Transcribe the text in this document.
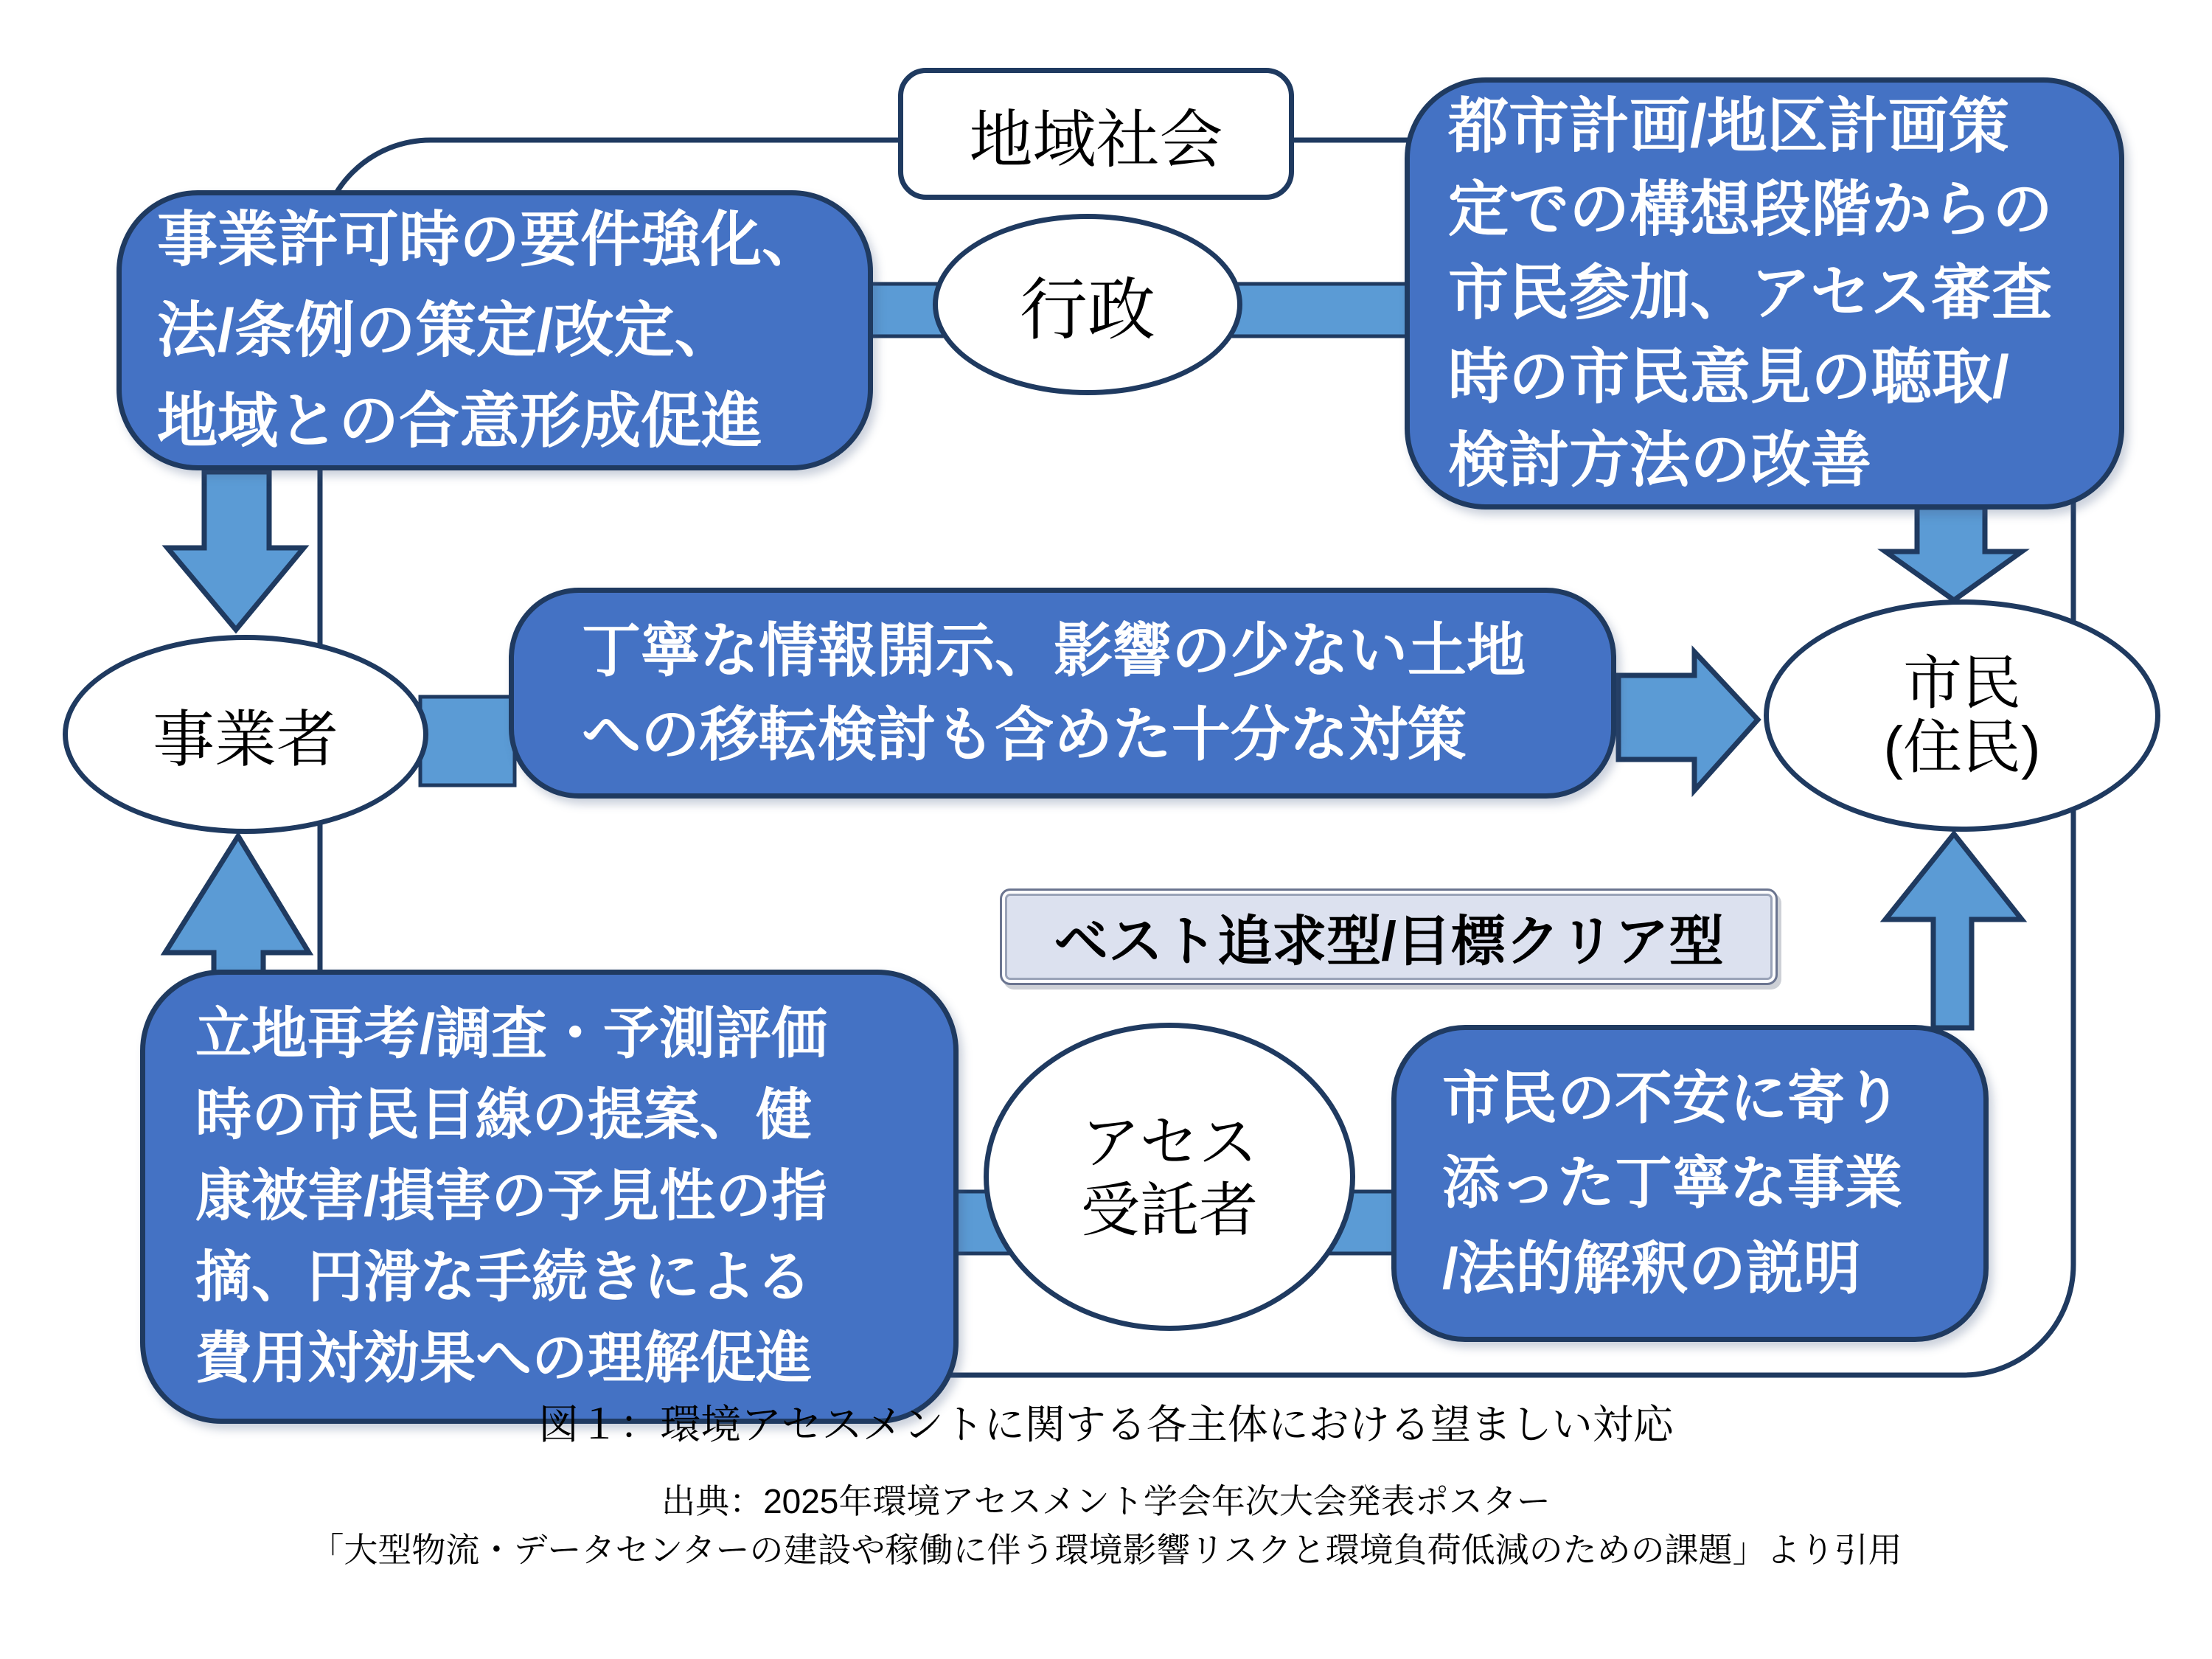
事業許可時の要件強化、
法/条例の策定/改定、
地域との合意形成促進
都市計画/地区計画策
定での構想段階からの
市民参加、アセス審査
時の市民意見の聴取/
検討方法の改善
丁寧な情報開示、影響の少ない土地
への移転検討も含めた十分な対策
立地再考/調査・予測評価
時の市民目線の提案、健
康被害/損害の予見性の指
摘、円滑な手続きによる
費用対効果への理解促進
市民の不安に寄り
添った丁寧な事業
/法的解釈の説明
地域社会
行政
事業者
市民
(住民)
アセス
受託者
ベスト追求型/目標クリア型
図１：環境アセスメントに関する各主体における望ましい対応
出典：2025年環境アセスメント学会年次大会発表ポスター
「大型物流・データセンターの建設や稼働に伴う環境影響リスクと環境負荷低減のための課題」より引用
